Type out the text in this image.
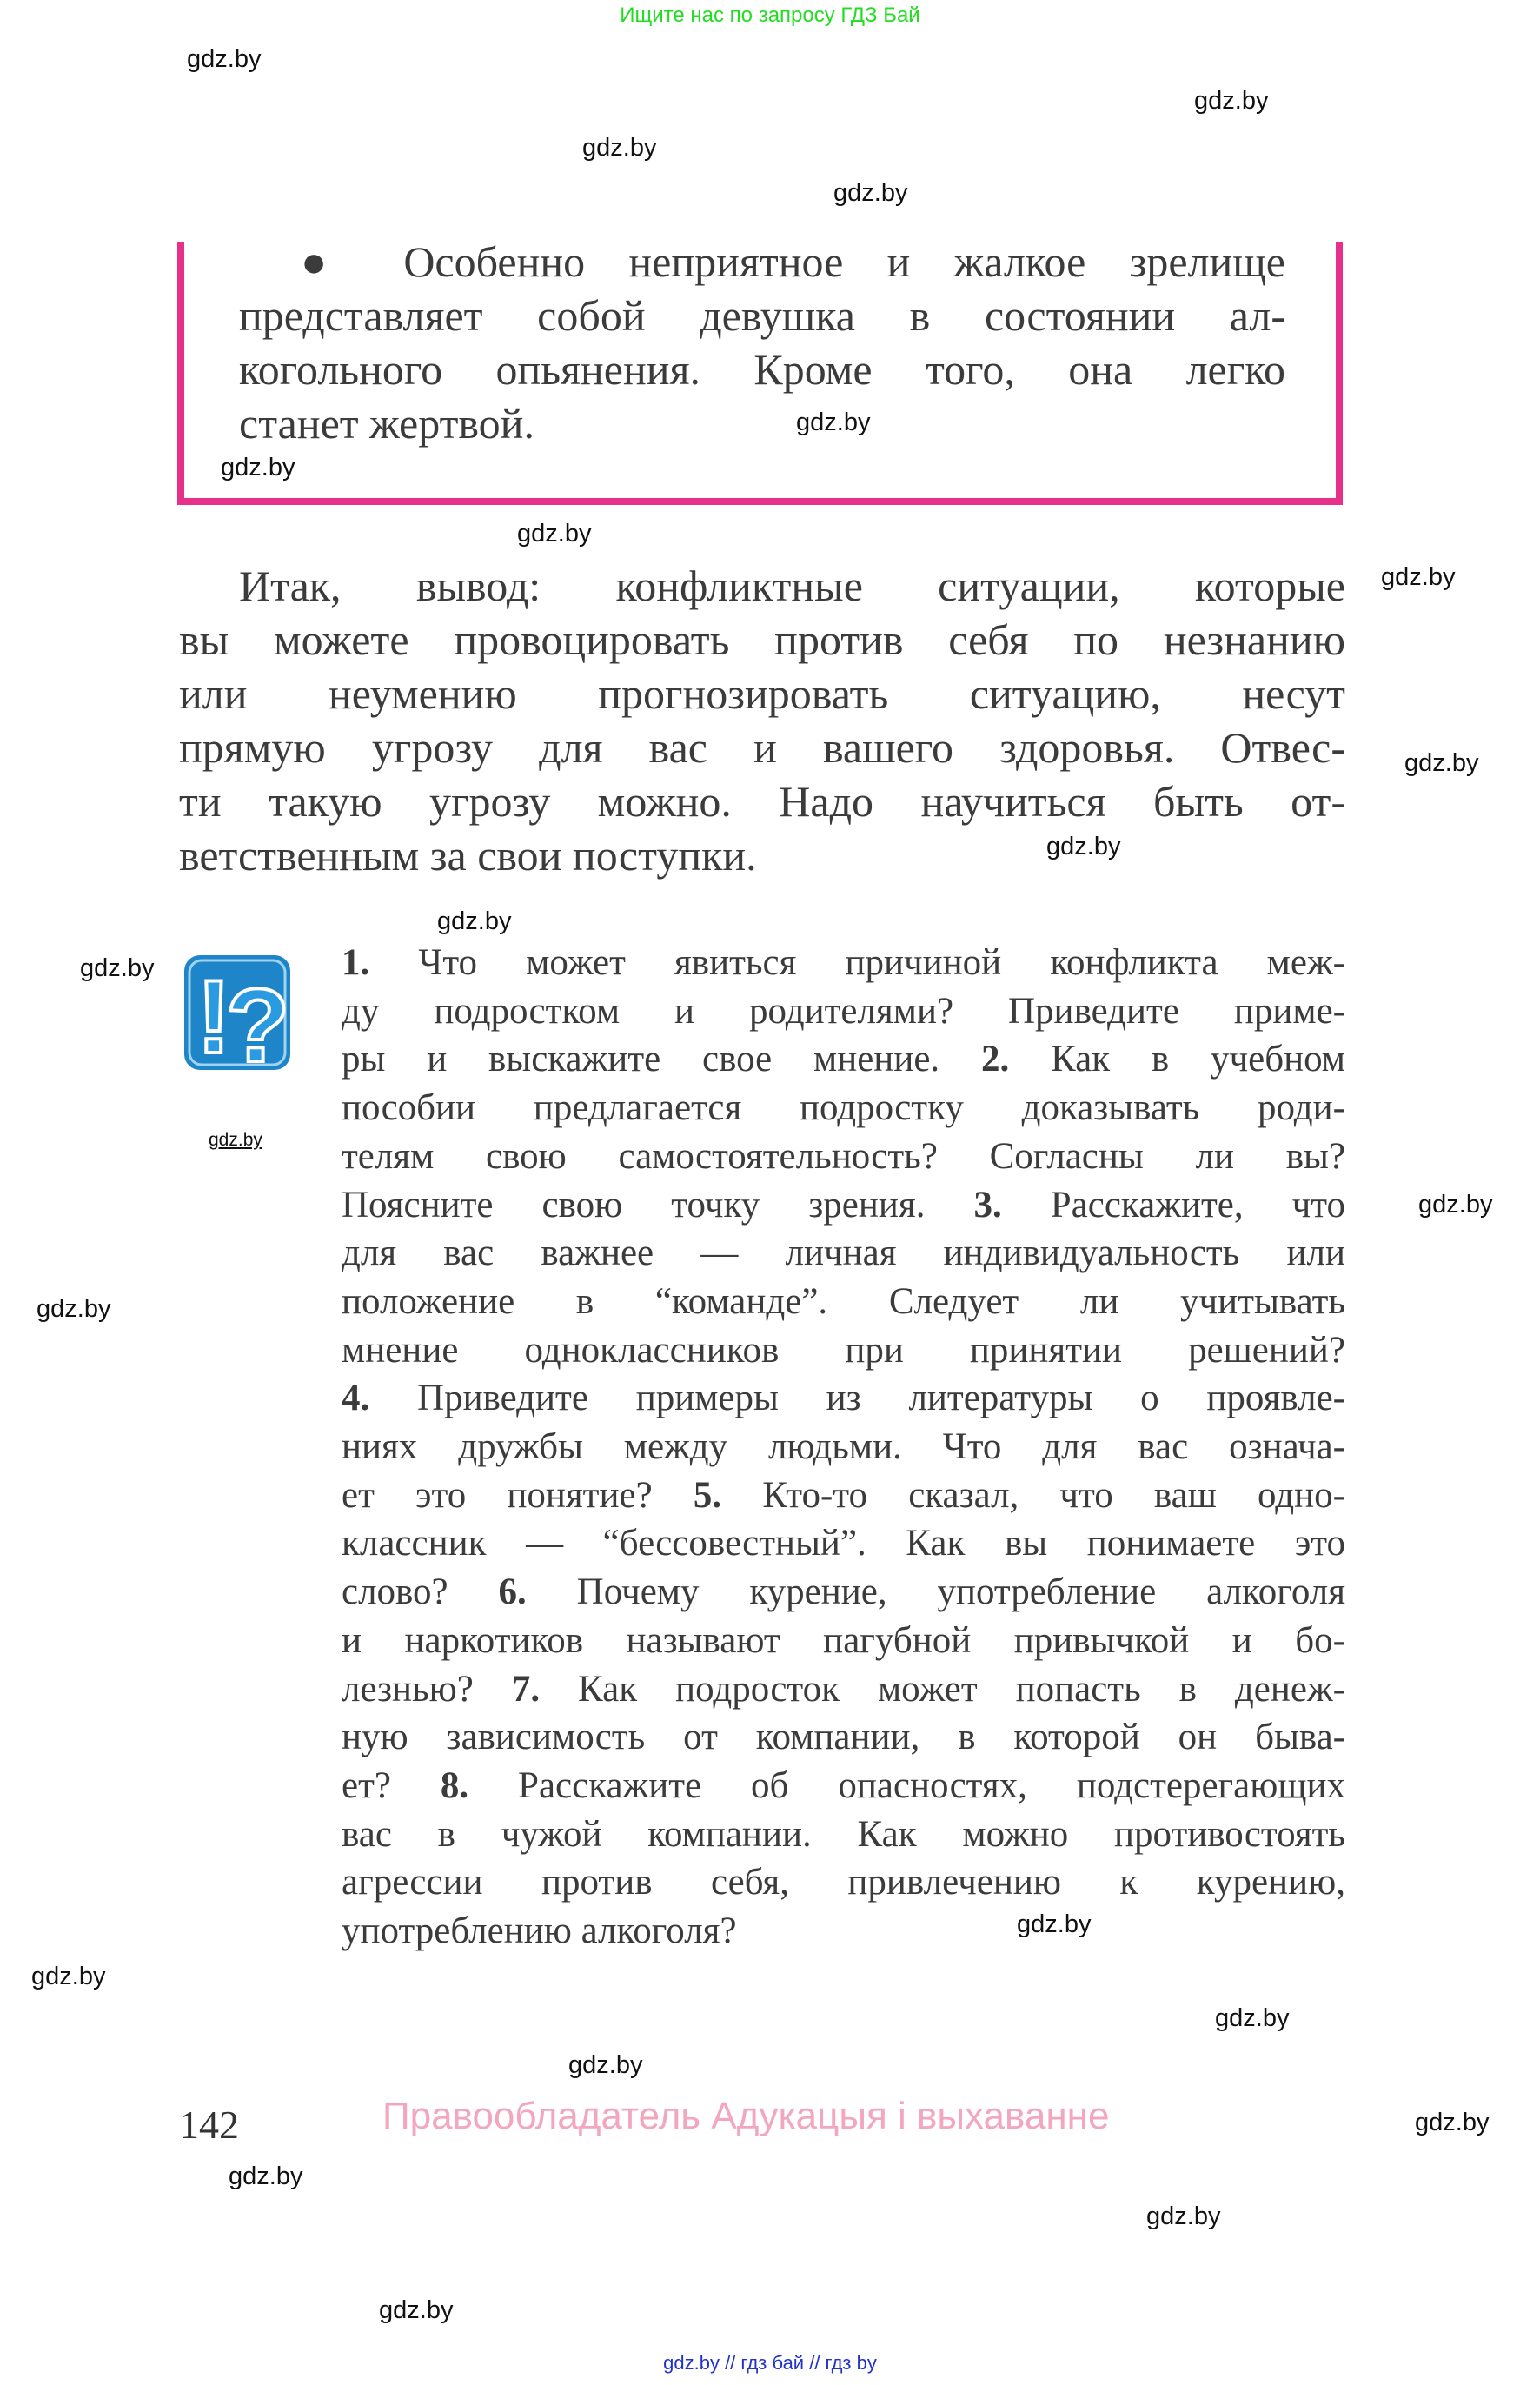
Ищите нас по запросу ГДЗ Бай
● Особенно неприятное и жалкое зрелище
представляет собой девушка в состоянии ал-
когольного опьянения. Кроме того, она легко
станет жертвой.
Итак, вывод: конфликтные ситуации, которые
вы можете провоцировать против себя по незнанию
или неумению прогнозировать ситуацию, несут
прямую угрозу для вас и вашего здоровья. Отвес-
ти такую угрозу можно. Надо научиться быть от-
ветственным за свои поступки.
!
?
1. Что может явиться причиной конфликта меж-
ду подростком и родителями? Приведите приме-
ры и выскажите свое мнение. 2. Как в учебном
пособии предлагается подростку доказывать роди-
телям свою самостоятельность? Согласны ли вы?
Поясните свою точку зрения. 3. Расскажите, что
для вас важнее — личная индивидуальность или
положение в “команде”. Следует ли учитывать
мнение одноклассников при принятии решений?
4. Приведите примеры из литературы о проявле-
ниях дружбы между людьми. Что для вас означа-
ет это понятие? 5. Кто-то сказал, что ваш одно-
классник — “бессовестный”. Как вы понимаете это
слово? 6. Почему курение, употребление алкоголя
и наркотиков называют пагубной привычкой и бо-
лезнью? 7. Как подросток может попасть в денеж-
ную зависимость от компании, в которой он быва-
ет? 8. Расскажите об опасностях, подстерегающих
вас в чужой компании. Как можно противостоять
агрессии против себя, привлечению к курению,
употреблению алкоголя?
142	Правообладатель Адукацыя і выхаванне
gdz.by // гдз бай // гдз by
gdz.by
gdz.by
gdz.by
gdz.by
gdz.by
gdz.by
gdz.by
gdz.by
gdz.by
gdz.by
gdz.by
gdz.by
gdz.by
gdz.by
gdz.by
gdz.by
gdz.by
gdz.by
gdz.by
gdz.by
gdz.by
gdz.by
gdz.by
